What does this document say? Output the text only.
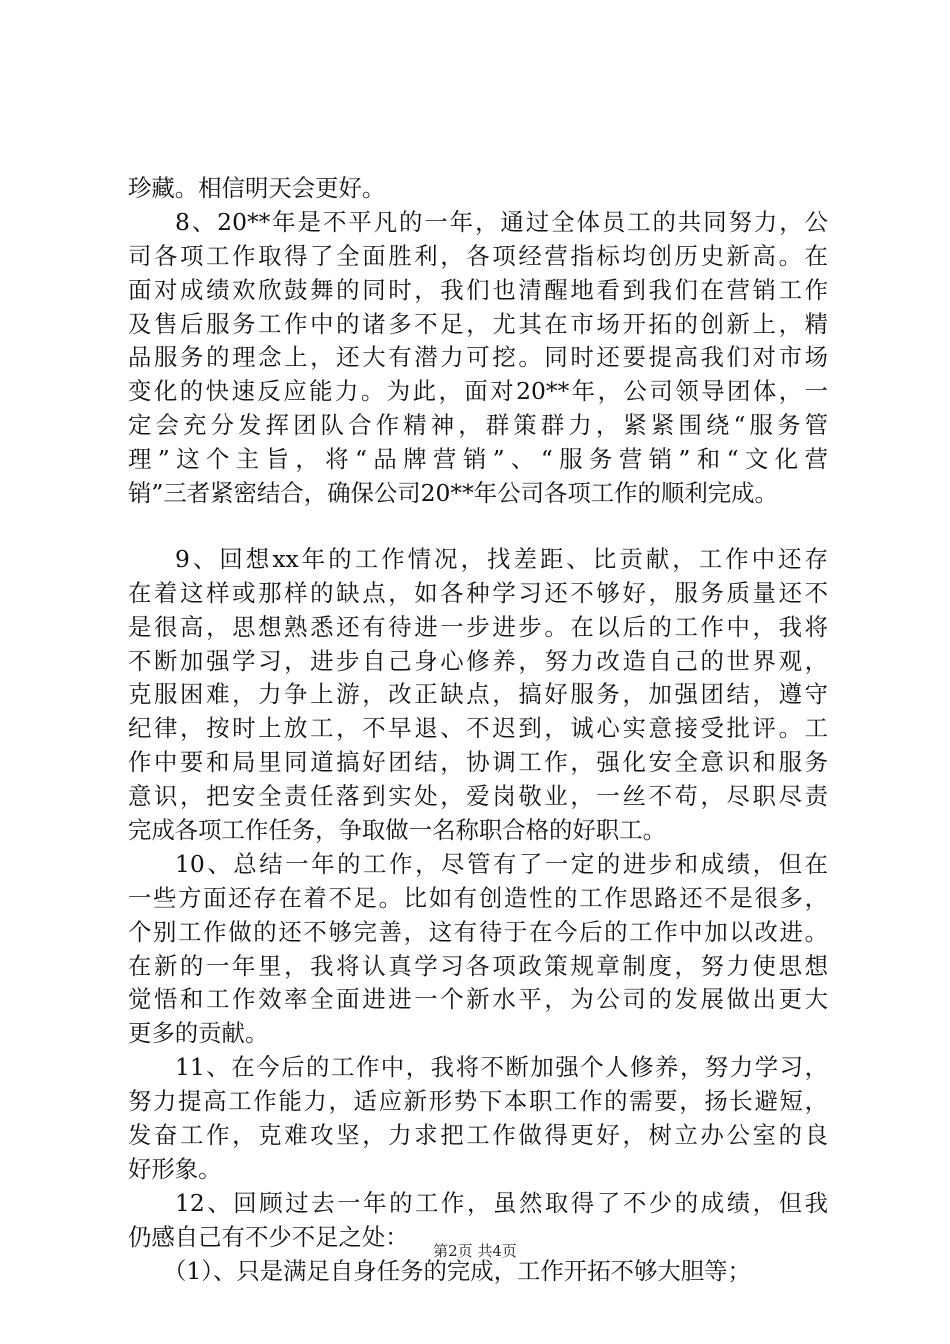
珍藏。相信明天会更好。
8、20**年是不平凡的一年，通过全体员工的共同努力，公
司各项工作取得了全面胜利，各项经营指标均创历史新高。在
面对成绩欢欣鼓舞的同时，我们也清醒地看到我们在营销工作
及售后服务工作中的诸多不足，尤其在市场开拓的创新上，精
品服务的理念上，还大有潜力可挖。同时还要提高我们对市场
变化的快速反应能力。为此，面对20**年，公司领导团体，一
定会充分发挥团队合作精神，群策群力，紧紧围绕“服务管
理”这个主旨，将“品牌营销”、“服务营销”和“文化营
销”三者紧密结合，确保公司20**年公司各项工作的顺利完成。
9、回想xx年的工作情况，找差距、比贡献，工作中还存
在着这样或那样的缺点，如各种学习还不够好，服务质量还不
是很高，思想熟悉还有待进一步进步。在以后的工作中，我将
不断加强学习，进步自己身心修养，努力改造自己的世界观，
克服困难，力争上游，改正缺点，搞好服务，加强团结，遵守
纪律，按时上放工，不早退、不迟到，诚心实意接受批评。工
作中要和局里同道搞好团结，协调工作，强化安全意识和服务
意识，把安全责任落到实处，爱岗敬业，一丝不苟，尽职尽责
完成各项工作任务，争取做一名称职合格的好职工。
10、总结一年的工作，尽管有了一定的进步和成绩，但在
一些方面还存在着不足。比如有创造性的工作思路还不是很多，
个别工作做的还不够完善，这有待于在今后的工作中加以改进。
在新的一年里，我将认真学习各项政策规章制度，努力使思想
觉悟和工作效率全面进进一个新水平，为公司的发展做出更大
更多的贡献。
11、在今后的工作中，我将不断加强个人修养，努力学习，
努力提高工作能力，适应新形势下本职工作的需要，扬长避短，
发奋工作，克难攻坚，力求把工作做得更好，树立办公室的良
好形象。
12、回顾过去一年的工作，虽然取得了不少的成绩，但我
仍感自己有不少不足之处：
（1）、只是满足自身任务的完成，工作开拓不够大胆等；
第2页 共4页
